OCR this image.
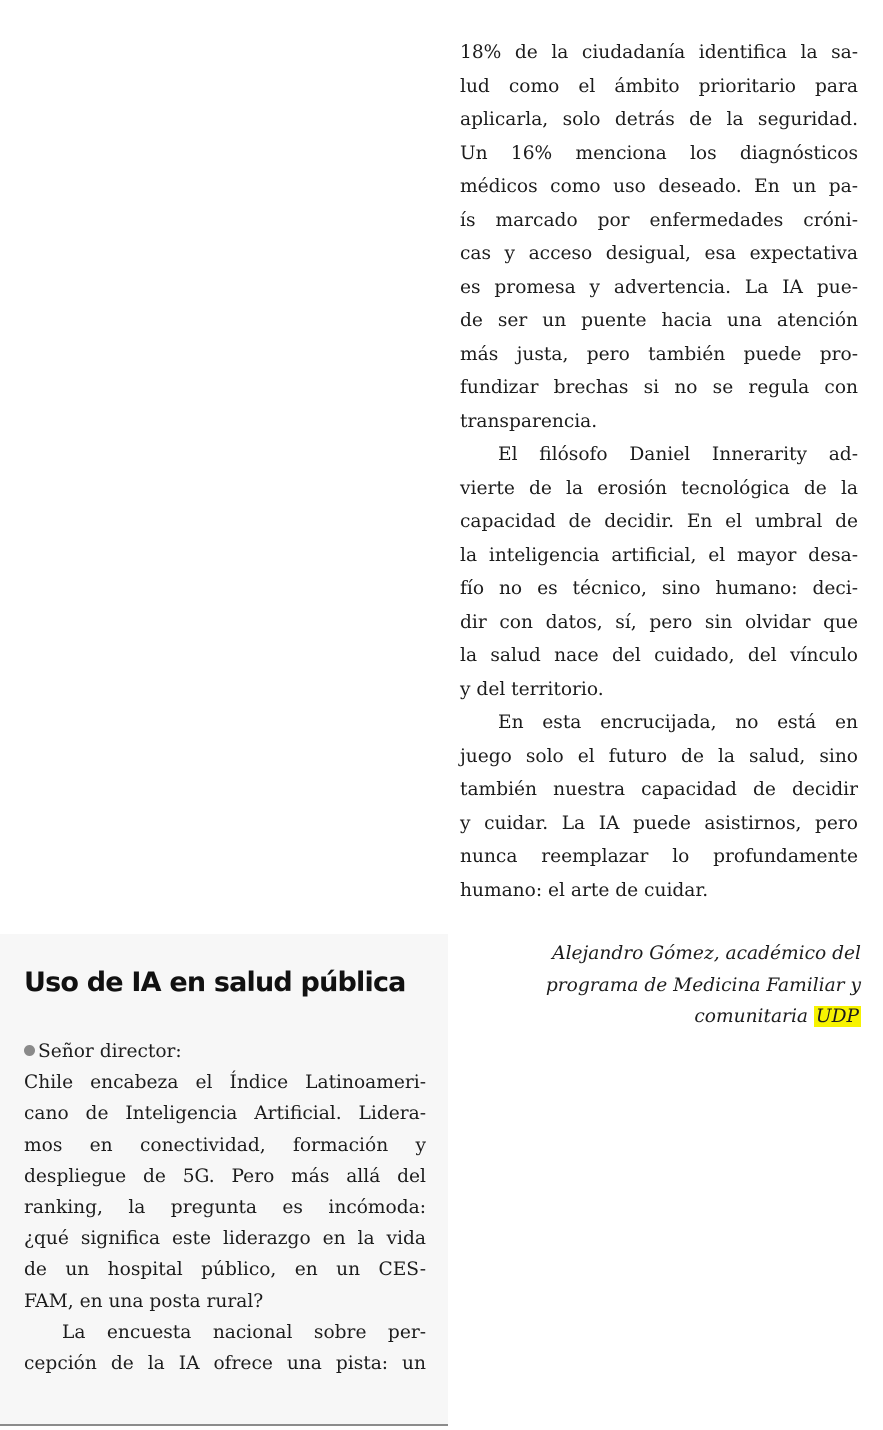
18% de la ciudadanía identifica la sa-
lud como el ámbito prioritario para
aplicarla, solo detrás de la seguridad.
Un 16% menciona los diagnósticos
médicos como uso deseado. En un pa-
ís marcado por enfermedades cróni-
cas y acceso desigual, esa expectativa
es promesa y advertencia. La IA pue-
de ser un puente hacia una atención
más justa, pero también puede pro-
fundizar brechas si no se regula con
transparencia.
El filósofo Daniel Innerarity ad-
vierte de la erosión tecnológica de la
capacidad de decidir. En el umbral de
la inteligencia artificial, el mayor desa-
fío no es técnico, sino humano: deci-
dir con datos, sí, pero sin olvidar que
la salud nace del cuidado, del vínculo
y del territorio.
En esta encrucijada, no está en
juego solo el futuro de la salud, sino
también nuestra capacidad de decidir
y cuidar. La IA puede asistirnos, pero
nunca reemplazar lo profundamente
humano: el arte de cuidar.
Alejandro Gómez, académico del
programa de Medicina Familiar y
comunitaria UDP
Uso de IA en salud pública
Señor director:
Chile encabeza el Índice Latinoameri-
cano de Inteligencia Artificial. Lidera-
mos en conectividad, formación y
despliegue de 5G. Pero más allá del
ranking, la pregunta es incómoda:
¿qué significa este liderazgo en la vida
de un hospital público, en un CES-
FAM, en una posta rural?
La encuesta nacional sobre per-
cepción de la IA ofrece una pista: un
